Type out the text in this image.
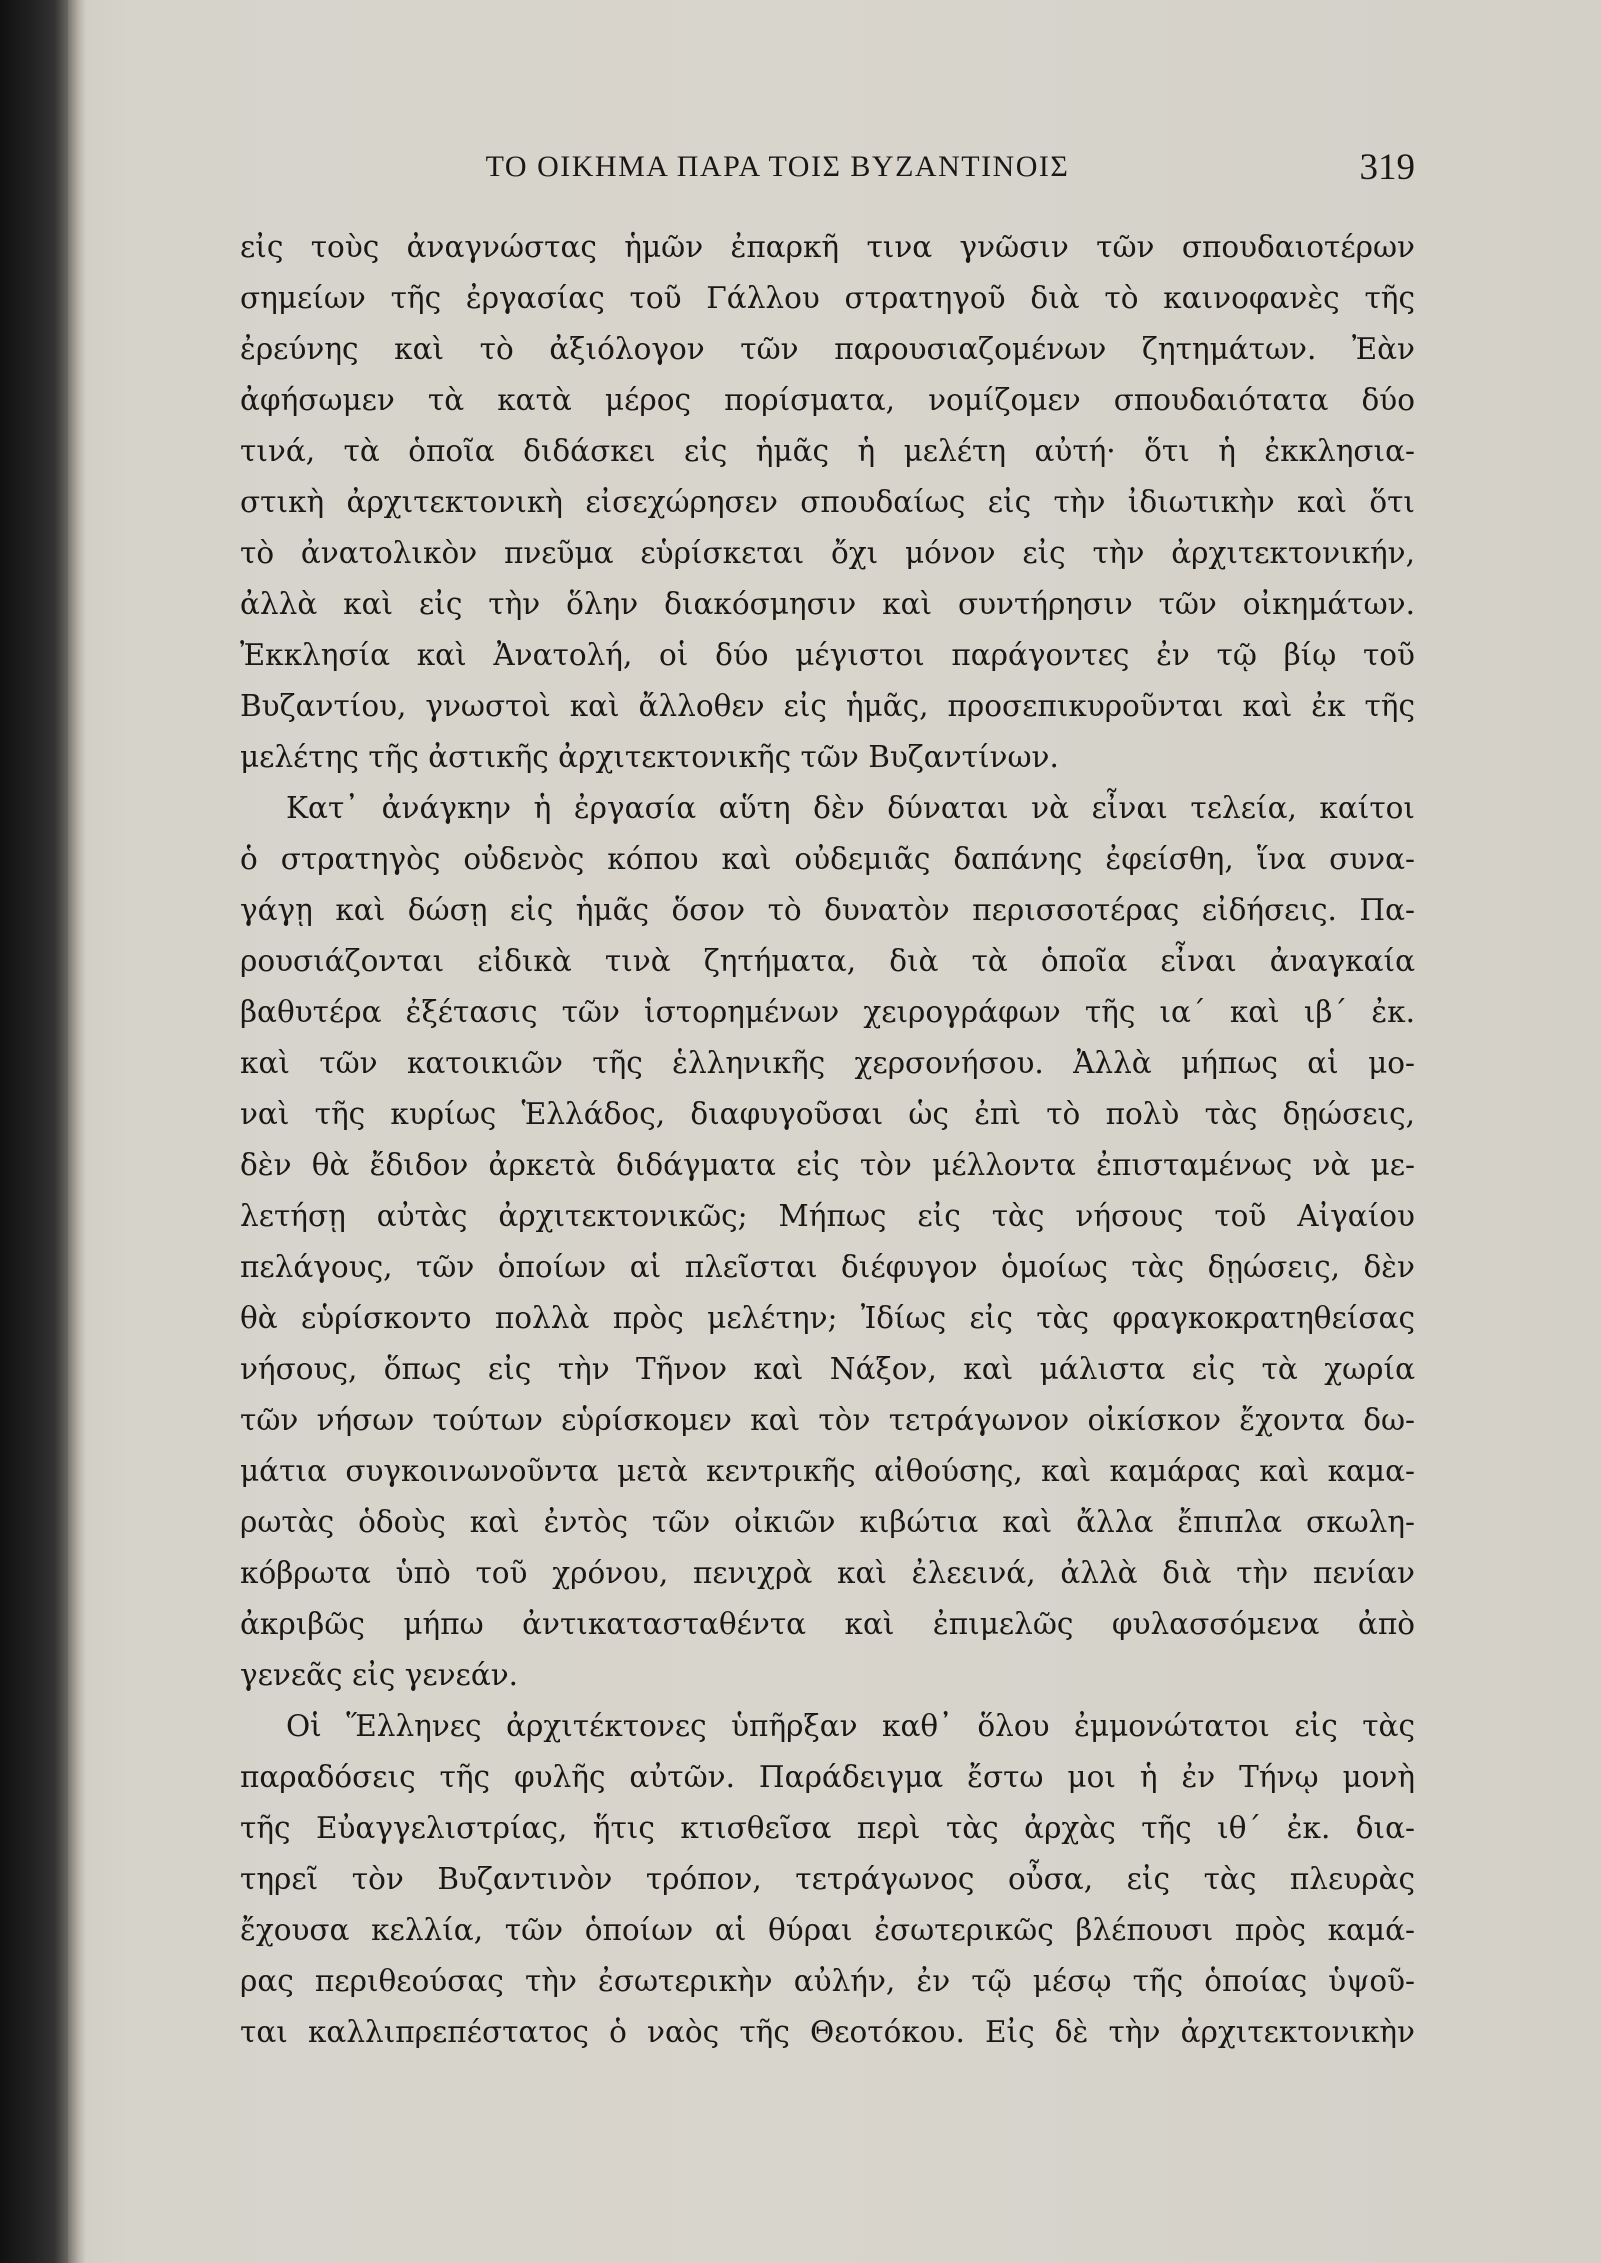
ΤΟ ΟΙΚΗΜΑ ΠΑΡΑ ΤΟΙΣ ΒΥΖΑΝΤΙΝΟΙΣ	319
εἰς τοὺς ἀναγνώστας ἡμῶν ἐπαρκῆ τινα γνῶσιν τῶν σπουδαιοτέρων
σημείων τῆς ἐργασίας τοῦ Γάλλου στρατηγοῦ διὰ τὸ καινοφανὲς τῆς
ἐρεύνης καὶ τὸ ἀξιόλογον τῶν παρουσιαζομένων ζητημάτων. Ἐὰν
ἀφήσωμεν τὰ κατὰ μέρος πορίσματα, νομίζομεν σπουδαιότατα δύο
τινά, τὰ ὁποῖα διδάσκει εἰς ἡμᾶς ἡ μελέτη αὐτή· ὅτι ἡ ἐκκλησια-
στικὴ ἀρχιτεκτονικὴ εἰσεχώρησεν σπουδαίως εἰς τὴν ἰδιωτικὴν καὶ ὅτι
τὸ ἀνατολικὸν πνεῦμα εὑρίσκεται ὄχι μόνον εἰς τὴν ἀρχιτεκτονικήν,
ἀλλὰ καὶ εἰς τὴν ὅλην διακόσμησιν καὶ συντήρησιν τῶν οἰκημάτων.
Ἐκκλησία καὶ Ἀνατολή, οἱ δύο μέγιστοι παράγοντες ἐν τῷ βίῳ τοῦ
Βυζαντίου, γνωστοὶ καὶ ἄλλοθεν εἰς ἡμᾶς, προσεπικυροῦνται καὶ ἐκ τῆς
μελέτης τῆς ἀστικῆς ἀρχιτεκτονικῆς τῶν Βυζαντίνων.
Κατ᾽ ἀνάγκην ἡ ἐργασία αὕτη δὲν δύναται νὰ εἶναι τελεία, καίτοι
ὁ στρατηγὸς οὐδενὸς κόπου καὶ οὐδεμιᾶς δαπάνης ἐφείσθη, ἵνα συνα-
γάγῃ καὶ δώσῃ εἰς ἡμᾶς ὅσον τὸ δυνατὸν περισσοτέρας εἰδήσεις. Πα-
ρουσιάζονται εἰδικὰ τινὰ ζητήματα, διὰ τὰ ὁποῖα εἶναι ἀναγκαία
βαθυτέρα ἐξέτασις τῶν ἱστορημένων χειρογράφων τῆς ια´ καὶ ιβ´ ἐκ.
καὶ τῶν κατοικιῶν τῆς ἑλληνικῆς χερσονήσου. Ἀλλὰ μήπως αἱ μο-
ναὶ τῆς κυρίως Ἑλλάδος, διαφυγοῦσαι ὡς ἐπὶ τὸ πολὺ τὰς δῃώσεις,
δὲν θὰ ἔδιδον ἀρκετὰ διδάγματα εἰς τὸν μέλλοντα ἐπισταμένως νὰ με-
λετήσῃ αὐτὰς ἀρχιτεκτονικῶς; Μήπως εἰς τὰς νήσους τοῦ Αἰγαίου
πελάγους, τῶν ὁποίων αἱ πλεῖσται διέφυγον ὁμοίως τὰς δῃώσεις, δὲν
θὰ εὑρίσκοντο πολλὰ πρὸς μελέτην; Ἰδίως εἰς τὰς φραγκοκρατηθείσας
νήσους, ὅπως εἰς τὴν Τῆνον καὶ Νάξον, καὶ μάλιστα εἰς τὰ χωρία
τῶν νήσων τούτων εὑρίσκομεν καὶ τὸν τετράγωνον οἰκίσκον ἔχοντα δω-
μάτια συγκοινωνοῦντα μετὰ κεντρικῆς αἰθούσης, καὶ καμάρας καὶ καμα-
ρωτὰς ὁδοὺς καὶ ἐντὸς τῶν οἰκιῶν κιβώτια καὶ ἄλλα ἔπιπλα σκωλη-
κόβρωτα ὑπὸ τοῦ χρόνου, πενιχρὰ καὶ ἐλεεινά, ἀλλὰ διὰ τὴν πενίαν
ἀκριβῶς μήπω ἀντικατασταθέντα καὶ ἐπιμελῶς φυλασσόμενα ἀπὸ
γενεᾶς εἰς γενεάν.
Οἱ Ἕλληνες ἀρχιτέκτονες ὑπῆρξαν καθ᾽ ὅλου ἐμμονώτατοι εἰς τὰς
παραδόσεις τῆς φυλῆς αὐτῶν. Παράδειγμα ἔστω μοι ἡ ἐν Τήνῳ μονὴ
τῆς Εὐαγγελιστρίας, ἥτις κτισθεῖσα περὶ τὰς ἀρχὰς τῆς ιθ´ ἐκ. δια-
τηρεῖ τὸν Βυζαντινὸν τρόπον, τετράγωνος οὖσα, εἰς τὰς πλευρὰς
ἔχουσα κελλία, τῶν ὁποίων αἱ θύραι ἐσωτερικῶς βλέπουσι πρὸς καμά-
ρας περιθεούσας τὴν ἐσωτερικὴν αὐλήν, ἐν τῷ μέσῳ τῆς ὁποίας ὑψοῦ-
ται καλλιπρεπέστατος ὁ ναὸς τῆς Θεοτόκου. Εἰς δὲ τὴν ἀρχιτεκτονικὴν
